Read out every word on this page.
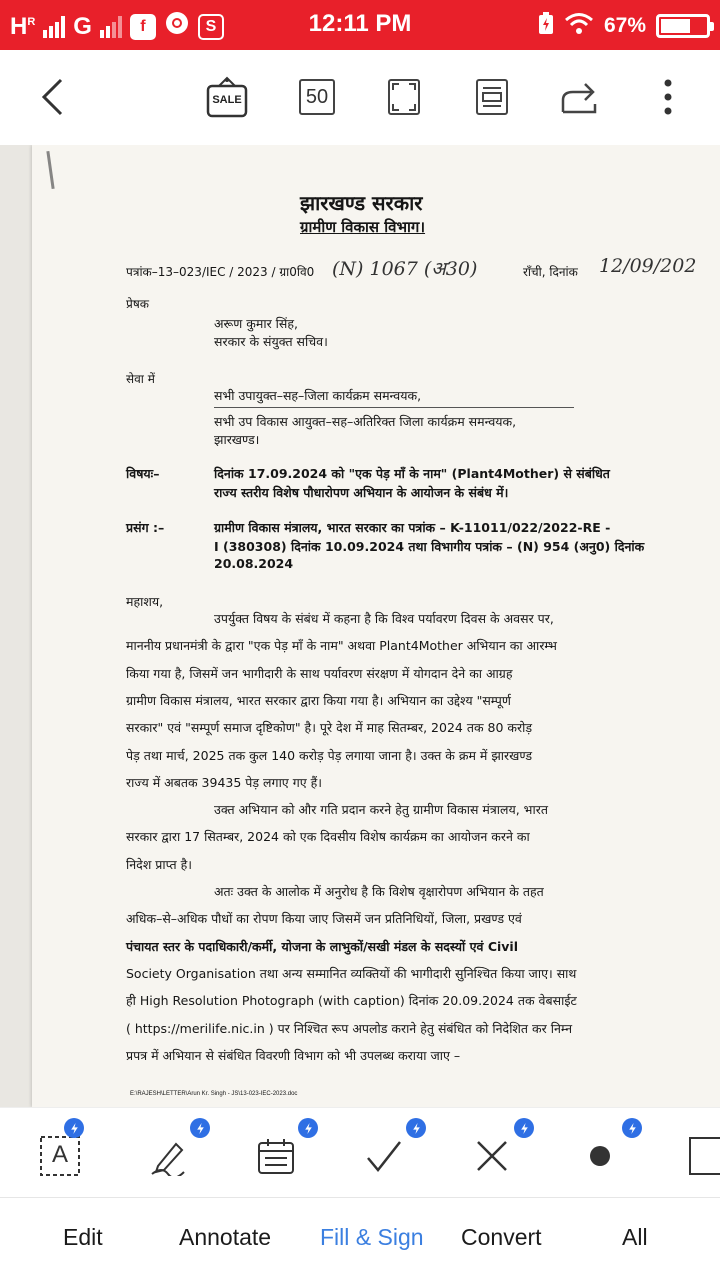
$H^R$ G	f	S	12:11 PM	67%
SALE	50
झारखण्ड सरकार
ग्रामीण विकास विभाग।
पत्रांक–13–023/IEC / 2023 / ग्रा0वि0 (N) 1067 (अ30)	राँची, दिनांक 12/09/202
प्रेषक
अरूण कुमार सिंह,
सरकार के संयुक्त सचिव।
सेवा में
सभी उपायुक्त–सह–जिला कार्यक्रम समन्वयक,
सभी उप विकास आयुक्त–सह–अतिरिक्त जिला कार्यक्रम समन्वयक,
झारखण्ड।
विषयः–	दिनांक 17.09.2024 को "एक पेड़ माँ के नाम" (Plant4Mother) से संबंधित
राज्य स्तरीय विशेष पौधारोपण अभियान के आयोजन के संबंध में।
प्रसंग :–	ग्रामीण विकास मंत्रालय, भारत सरकार का पत्रांक – K-11011/022/2022-RE -
I (380308) दिनांक 10.09.2024 तथा विभागीय पत्रांक – (N) 954 (अनु0) दिनांक
20.08.2024
महाशय,
उपर्युक्त विषय के संबंध में कहना है कि विश्व पर्यावरण दिवस के अवसर पर,
माननीय प्रधानमंत्री के द्वारा "एक पेड़ माँ के नाम" अथवा Plant4Mother अभियान का आरम्भ
किया गया है, जिसमें जन भागीदारी के साथ पर्यावरण संरक्षण में योगदान देने का आग्रह
ग्रामीण विकास मंत्रालय, भारत सरकार द्वारा किया गया है। अभियान का उद्देश्य "सम्पूर्ण
सरकार" एवं "सम्पूर्ण समाज दृष्टिकोण" है। पूरे देश में माह सितम्बर, 2024 तक 80 करोड़
पेड़ तथा मार्च, 2025 तक कुल 140 करोड़ पेड़ लगाया जाना है। उक्त के क्रम में झारखण्ड
राज्य में अबतक 39435 पेड़ लगाए गए हैं।
उक्त अभियान को और गति प्रदान करने हेतु ग्रामीण विकास मंत्रालय, भारत
सरकार द्वारा 17 सितम्बर, 2024 को एक दिवसीय विशेष कार्यक्रम का आयोजन करने का
निदेश प्राप्त है।
अतः उक्त के आलोक में अनुरोध है कि विशेष वृक्षारोपण अभियान के तहत
अधिक–से–अधिक पौधों का रोपण किया जाए जिसमें जन प्रतिनिधियों, जिला, प्रखण्ड एवं
पंचायत स्तर के पदाधिकारी/कर्मी, योजना के लाभुकों/सखी मंडल के सदस्यों एवं Civil
Society Organisation तथा अन्य सम्मानित व्यक्तियों की भागीदारी सुनिश्चित किया जाए। साथ
ही High Resolution Photograph (with caption) दिनांक 20.09.2024 तक वेबसाईट
( https://merilife.nic.in ) पर निश्चित रूप अपलोड कराने हेतु संबंधित को निदेशित कर निम्न
प्रपत्र में अभियान से संबंधित विवरणी विभाग को भी उपलब्ध कराया जाए –
E:\RAJESH\LETTER\Arun Kr. Singh - JS\13-023-IEC-2023.doc
A
Edit	Annotate Fill & Sign Convert	All
